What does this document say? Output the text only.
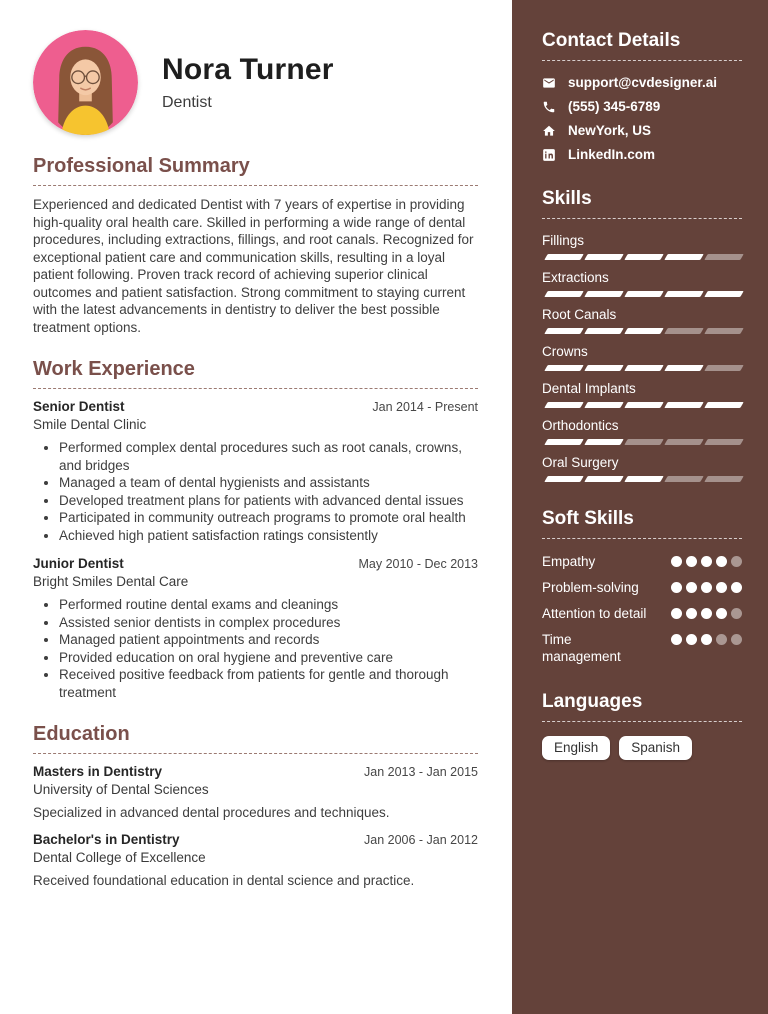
Nora Turner
Dentist
Professional Summary

Experienced and dedicated Dentist with 7 years of expertise in providing high-quality oral health care. Skilled in performing a wide range of dental procedures, including extractions, fillings, and root canals. Recognized for exceptional patient care and communication skills, resulting in a loyal patient following. Proven track record of achieving superior clinical outcomes and patient satisfaction. Strong commitment to staying current with the latest advancements in dentistry to deliver the best possible treatment options.

Work Experience
Senior Dentist	Jan 2014 - Present
Smile Dental Clinic
• Performed complex dental procedures such as root canals, crowns, and bridges
• Managed a team of dental hygienists and assistants
• Developed treatment plans for patients with advanced dental issues
• Participated in community outreach programs to promote oral health
• Achieved high patient satisfaction ratings consistently
Junior Dentist	May 2010 - Dec 2013
Bright Smiles Dental Care
• Performed routine dental exams and cleanings
• Assisted senior dentists in complex procedures
• Managed patient appointments and records
• Provided education on oral hygiene and preventive care
• Received positive feedback from patients for gentle and thorough treatment
Education
Masters in Dentistry	Jan 2013 - Jan 2015
University of Dental Sciences

Specialized in advanced dental procedures and techniques.

Bachelor's in Dentistry	Jan 2006 - Jan 2012
Dental College of Excellence

Received foundational education in dental science and practice.

Contact Details
support@cvdesigner.ai
(555) 345-6789
NewYork, US
LinkedIn.com
Skills
Fillings
Extractions
Root Canals
Crowns
Dental Implants
Orthodontics
Oral Surgery
Soft Skills
Empathy
Problem-solving
Attention to detail
Time management
Languages
English	Spanish
